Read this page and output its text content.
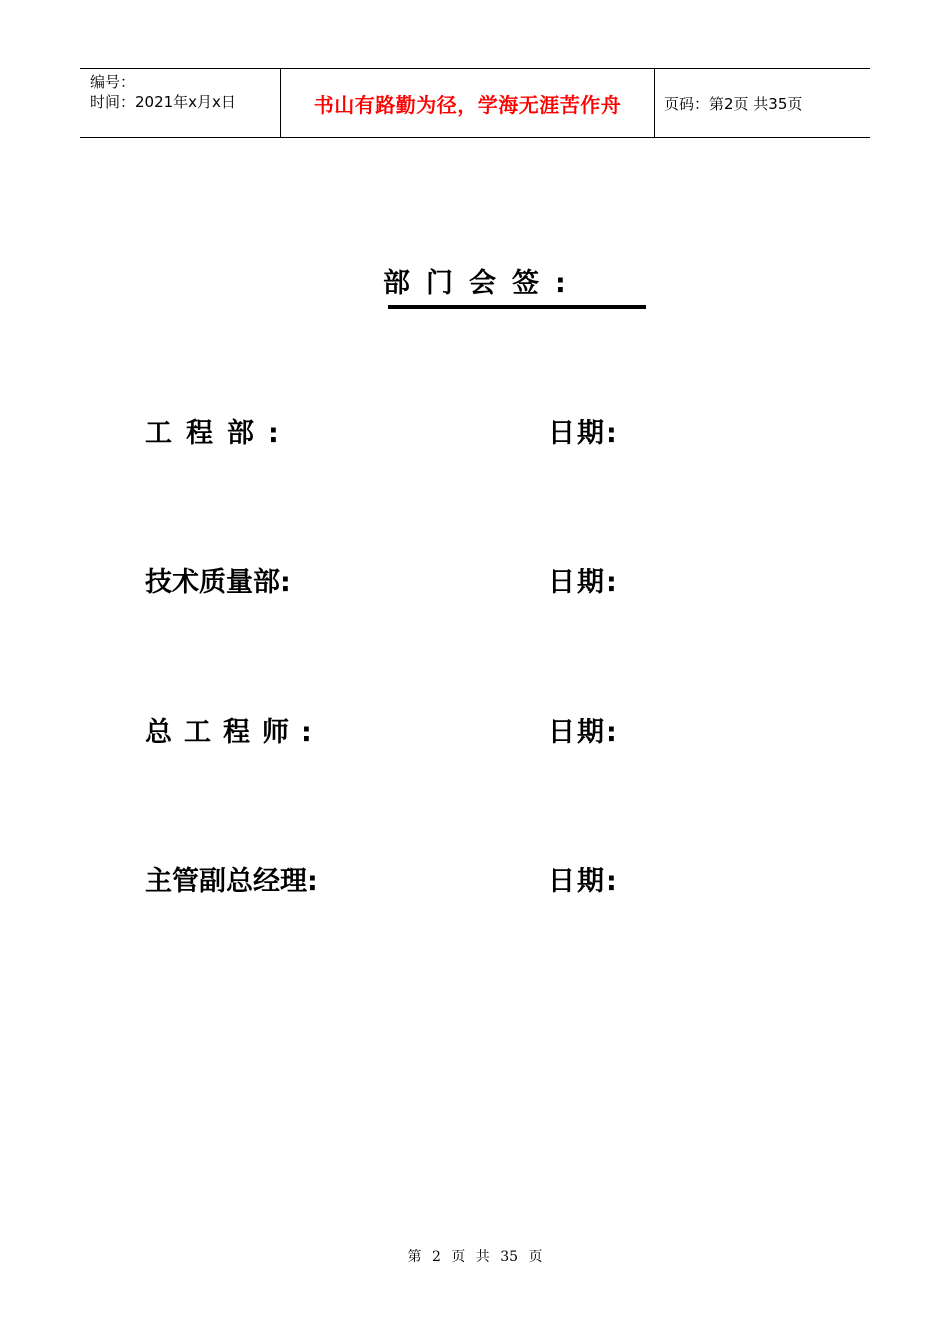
编号：
时间：2021年x月x日	书山有路勤为径，学海无涯苦作舟	页码：第2页 共35页
部门会签:
工程部:	日期:
技术质量部:	日期:
总工程师:	日期:
主管副总经理:	日期:
第 2 页 共 35 页
